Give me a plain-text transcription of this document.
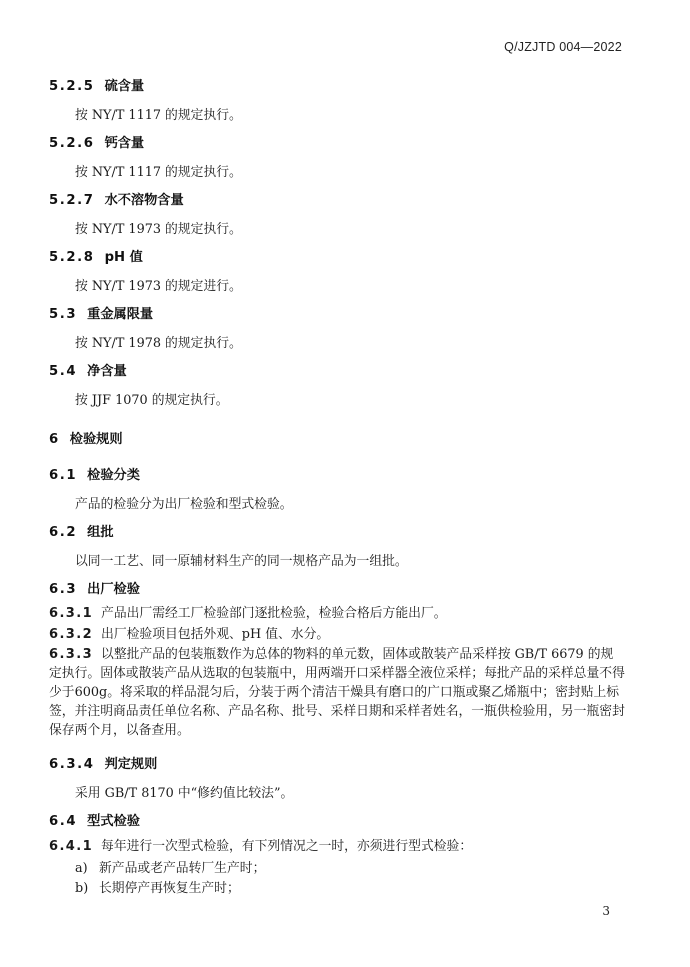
Q/JZJTD 004—2022
5.2.5 硫含量
按 NY/T 1117 的规定执行。
5.2.6 钙含量
按 NY/T 1117 的规定执行。
5.2.7 水不溶物含量
按 NY/T 1973 的规定执行。
5.2.8 pH 值
按 NY/T 1973 的规定进行。
5.3 重金属限量
按 NY/T 1978 的规定执行。
5.4 净含量
按 JJF 1070 的规定执行。
6 检验规则
6.1 检验分类
产品的检验分为出厂检验和型式检验。
6.2 组批
以同一工艺、同一原辅材料生产的同一规格产品为一组批。
6.3 出厂检验
6.3.1 产品出厂需经工厂检验部门逐批检验，检验合格后方能出厂。
6.3.2 出厂检验项目包括外观、pH 值、水分。
6.3.3 以整批产品的包装瓶数作为总体的物料的单元数，固体或散装产品采样按 GB/T 6679 的规定执行。固体或散装产品从选取的包装瓶中，用两端开口采样器全液位采样；每批产品的采样总量不得少于600g。将采取的样品混匀后，分装于两个清洁干燥具有磨口的广口瓶或聚乙烯瓶中；密封贴上标签，并注明商品责任单位名称、产品名称、批号、采样日期和采样者姓名，一瓶供检验用，另一瓶密封保存两个月，以备查用。
6.3.4 判定规则
采用 GB/T 8170 中“修约值比较法”。
6.4 型式检验
6.4.1 每年进行一次型式检验，有下列情况之一时，亦须进行型式检验：
a) 新产品或老产品转厂生产时；
b) 长期停产再恢复生产时；
3
